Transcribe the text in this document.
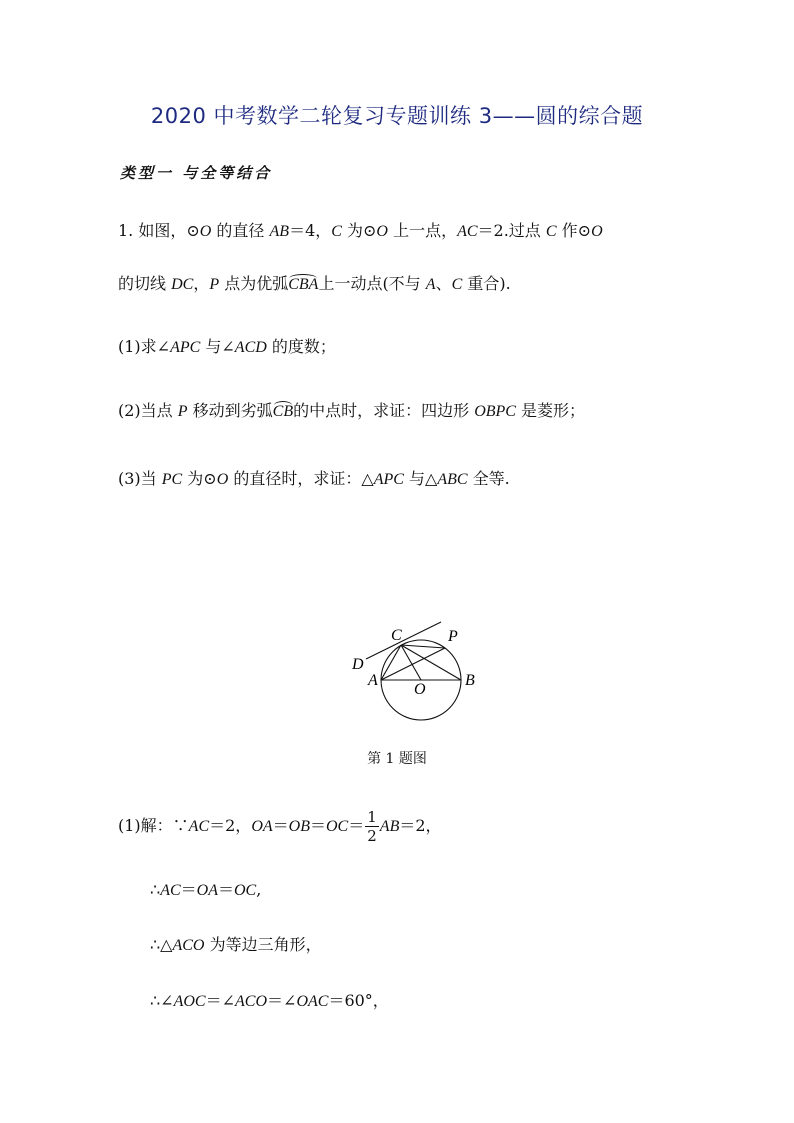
2020 中考数学二轮复习专题训练 3——圆的综合题
类型一 与全等结合
1. 如图，⊙O 的直径 AB＝4，C 为⊙O 上一点，AC＝2.过点 C 作⊙O
的切线 DC，P 点为优弧CBA上一动点(不与 A、C 重合).
(1)求∠APC 与∠ACD 的度数；
(2)当点 P 移动到劣弧CB的中点时，求证：四边形 OBPC 是菱形；
(3)当 PC 为⊙O 的直径时，求证：△APC 与△ABC 全等.
C	P
D
A
O
B
第 1 题图
(1)解：∵AC＝2，$OA=OB=OC= \frac{1}{2} AB=2$，
∴AC＝OA＝OC,
∴△ACO 为等边三角形，
∴∠AOC＝∠ACO＝∠OAC＝60°，
